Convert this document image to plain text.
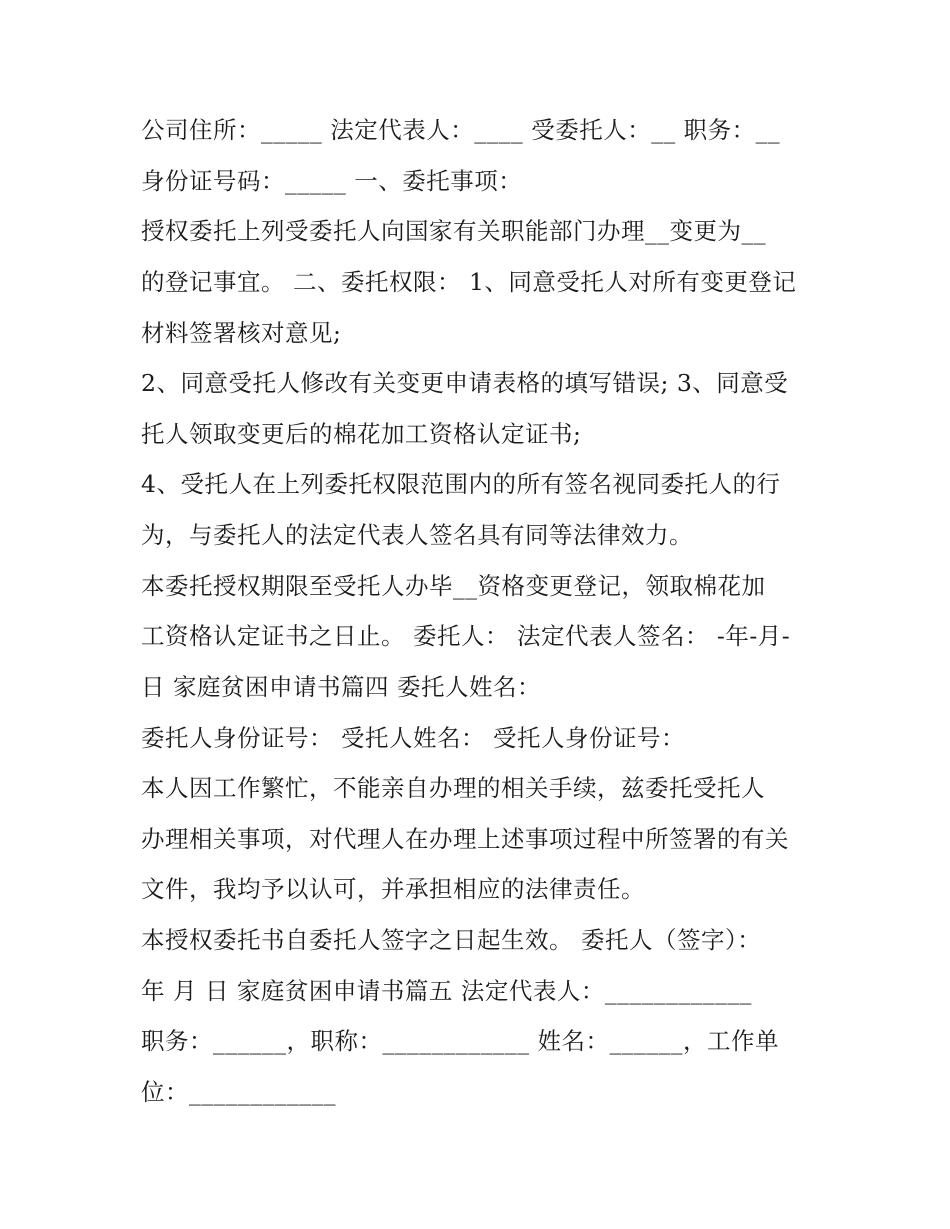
公司住所：_____ 法定代表人：____ 受委托人：__ 职务：__
身份证号码：_____ 一、委托事项：
授权委托上列受委托人向国家有关职能部门办理__变更为__
的登记事宜。 二、委托权限： 1、同意受托人对所有变更登记
材料签署核对意见;
2、同意受托人修改有关变更申请表格的填写错误; 3、同意受
托人领取变更后的棉花加工资格认定证书;
4、受托人在上列委托权限范围内的所有签名视同委托人的行
为，与委托人的法定代表人签名具有同等法律效力。
本委托授权期限至受托人办毕__资格变更登记，领取棉花加
工资格认定证书之日止。 委托人： 法定代表人签名： -年-月-
日 家庭贫困申请书篇四 委托人姓名：
委托人身份证号： 受托人姓名： 受托人身份证号：
本人因工作繁忙，不能亲自办理的相关手续，兹委托受托人
办理相关事项，对代理人在办理上述事项过程中所签署的有关
文件，我均予以认可，并承担相应的法律责任。
本授权委托书自委托人签字之日起生效。 委托人（签字）：
年 月 日 家庭贫困申请书篇五 法定代表人：____________
职务：______，职称：____________ 姓名：______，工作单
位：____________
